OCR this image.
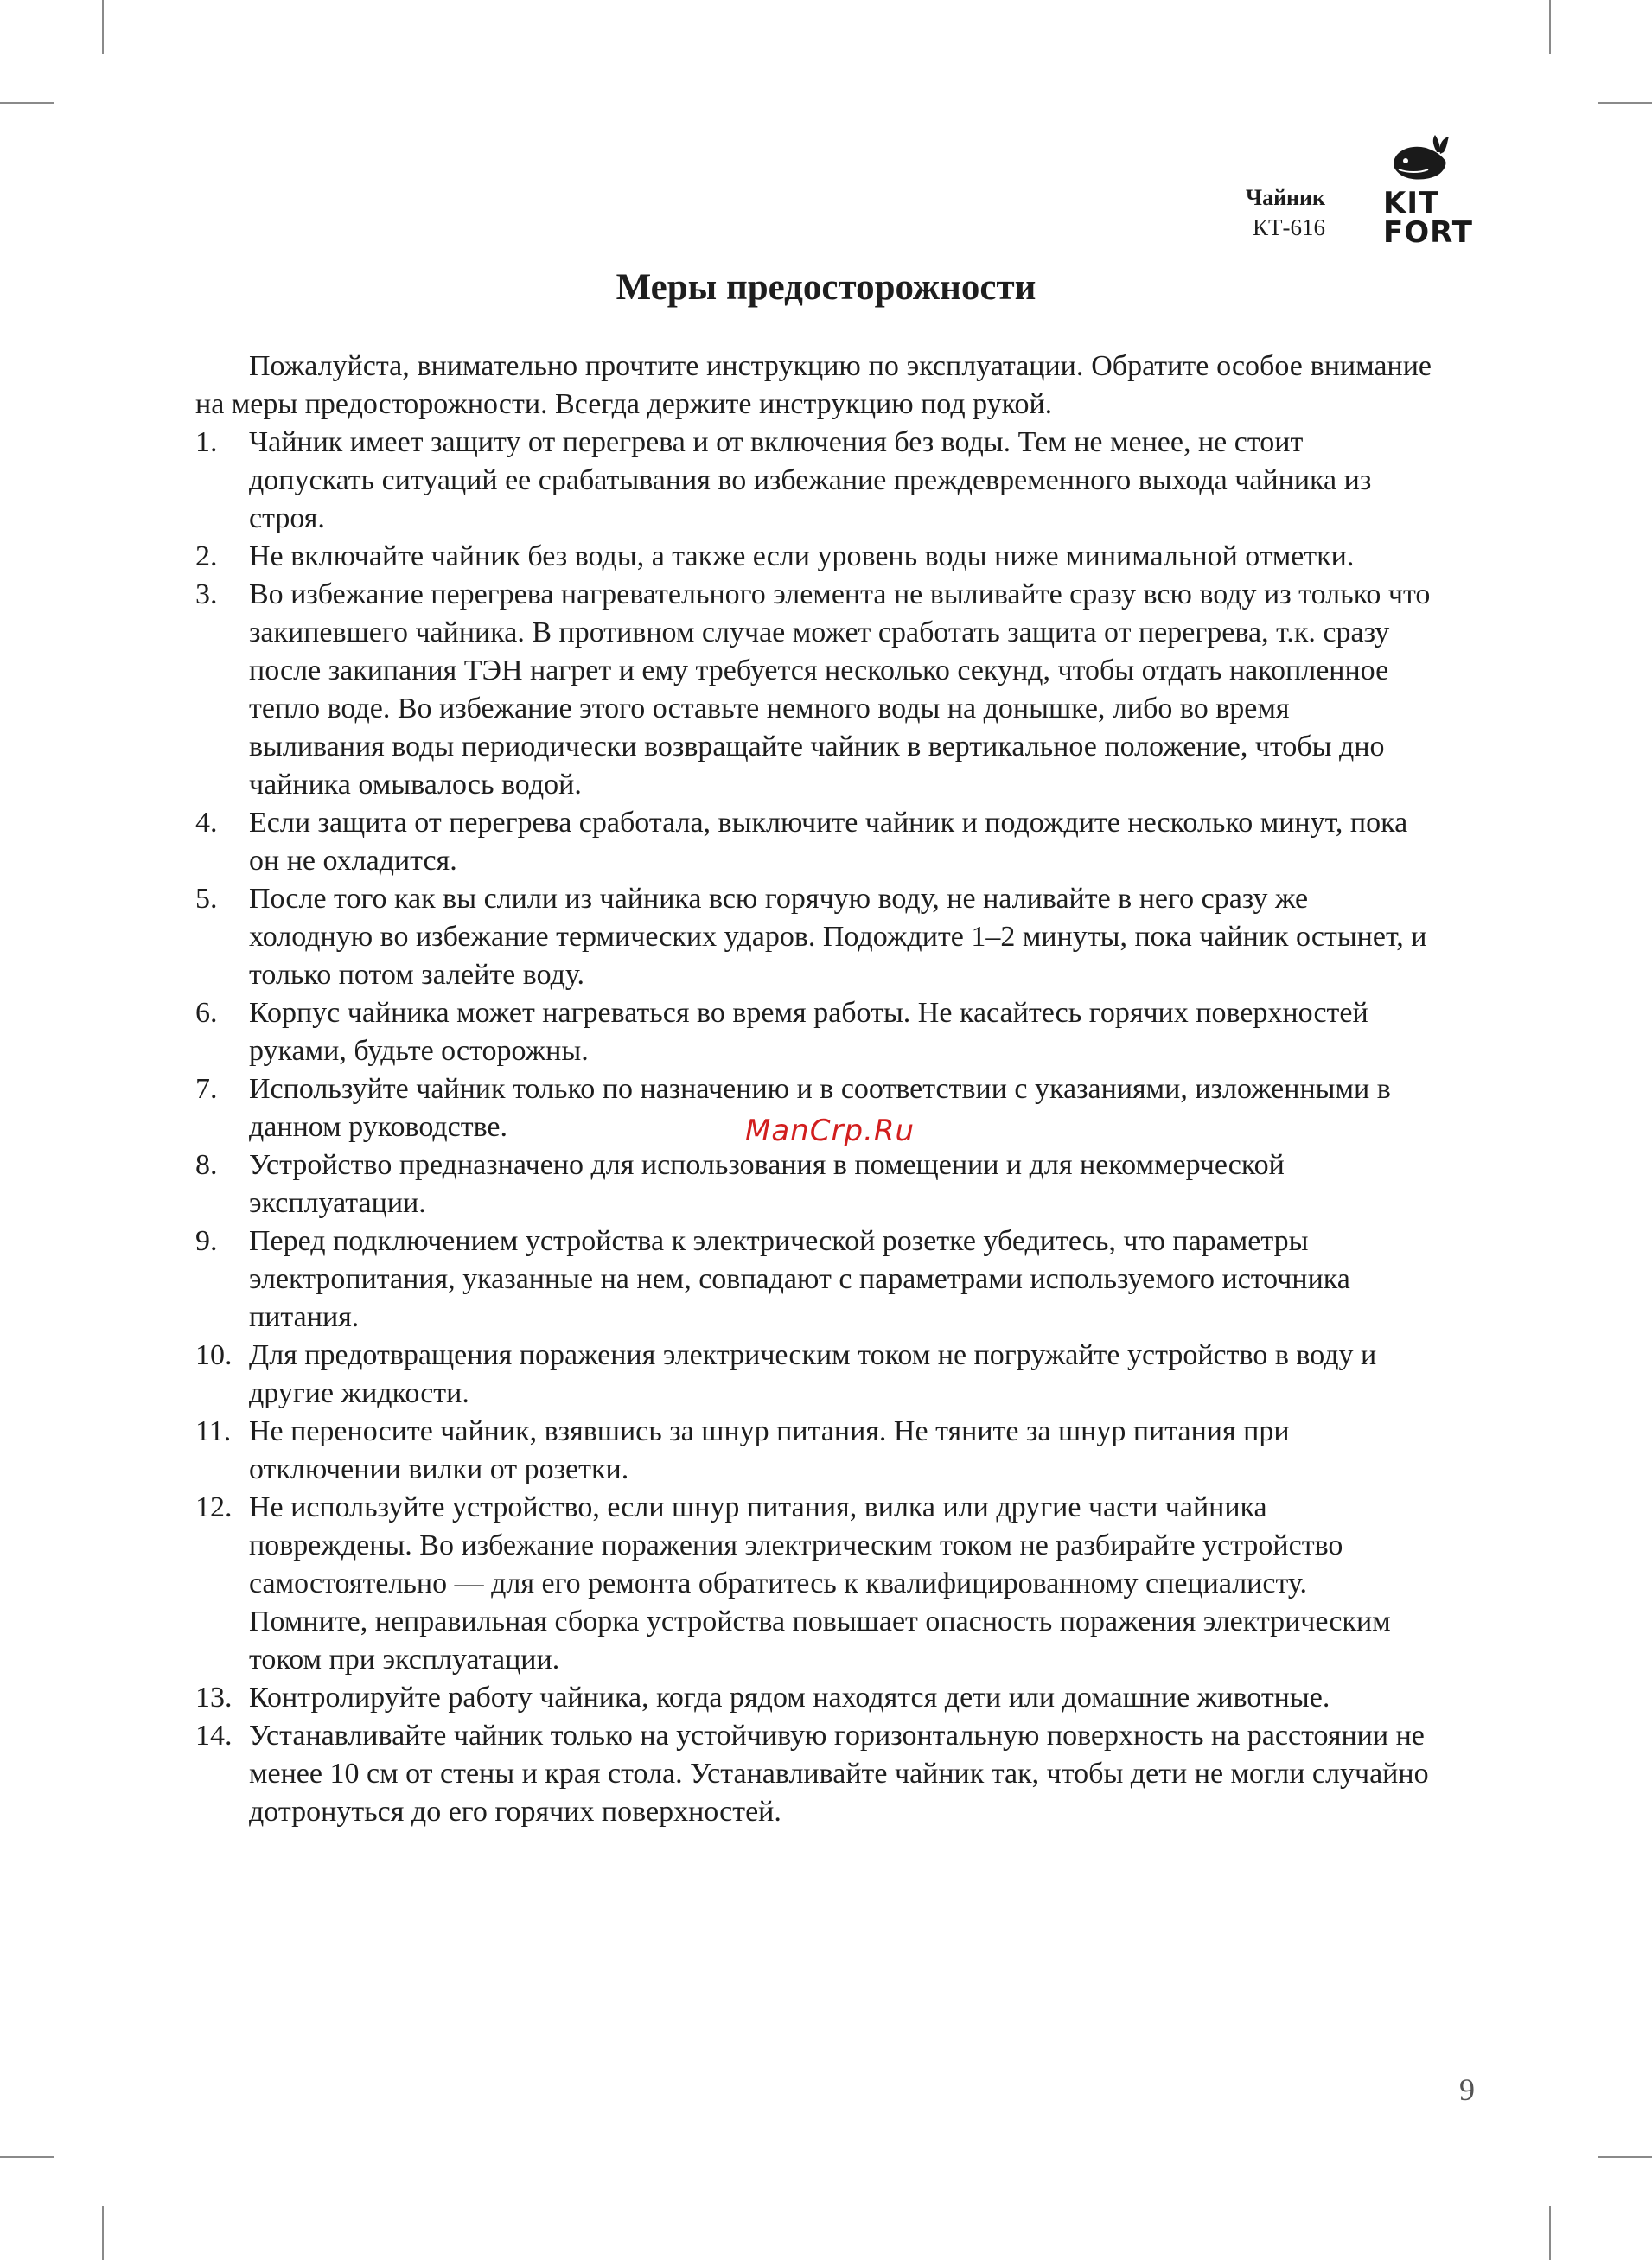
Чайник
КТ-616
KIT
FORT
Меры предосторожности

Пожалуйста, внимательно прочтите инструкцию по эксплуатации. Обратите особое внимание на меры предосторожности. Всегда держите инструкцию под рукой.

1. Чайник имеет защиту от перегрева и от включения без воды. Тем не менее, не стоит допускать ситуаций ее срабатывания во избежание преждевременного выхода чайника из строя.
2. Не включайте чайник без воды, а также если уровень воды ниже минимальной отметки.
3. Во избежание перегрева нагревательного элемента не выливайте сразу всю воду из только что закипевшего чайника. В противном случае может сработать защита от перегрева, т.к. сразу после закипания ТЭН нагрет и ему требуется несколько секунд, чтобы отдать накопленное тепло воде. Во избежание этого оставьте немного воды на донышке, либо во время выливания воды периодически возвращайте чайник в вертикальное положение, чтобы дно чайника омывалось водой.
4. Если защита от перегрева сработала, выключите чайник и подождите несколько минут, пока он не охладится.
5. После того как вы слили из чайника всю горячую воду, не наливайте в него сразу же холодную во избежание термических ударов. Подождите 1–2 минуты, пока чайник остынет, и только потом залейте воду.
6. Корпус чайника может нагреваться во время работы. Не касайтесь горячих поверхностей руками, будьте осторожны.
7. Используйте чайник только по назначению и в соответствии с указаниями, изложенными в данном руководстве.
8. Устройство предназначено для использования в помещении и для некоммерческой эксплуатации.
9. Перед подключением устройства к электрической розетке убедитесь, что параметры электропитания, указанные на нем, совпадают с параметрами используемого источника питания.
10. Для предотвращения поражения электрическим током не погружайте устройство в воду и другие жидкости.
11. Не переносите чайник, взявшись за шнур питания. Не тяните за шнур питания при отключении вилки от розетки.
12. Не используйте устройство, если шнур питания, вилка или другие части чайника повреждены. Во избежание поражения электрическим током не разбирайте устройство самостоятельно — для его ремонта обратитесь к квалифицированному специалисту. Помните, неправильная сборка устройства повышает опасность поражения электрическим током при эксплуатации.
13. Контролируйте работу чайника, когда рядом находятся дети или домашние животные.
14. Устанавливайте чайник только на устойчивую горизонтальную поверхность на расстоянии не менее 10 см от стены и края стола. Устанавливайте чайник так, чтобы дети не могли случайно дотронуться до его горячих поверхностей.
ManCrp.Ru
9
